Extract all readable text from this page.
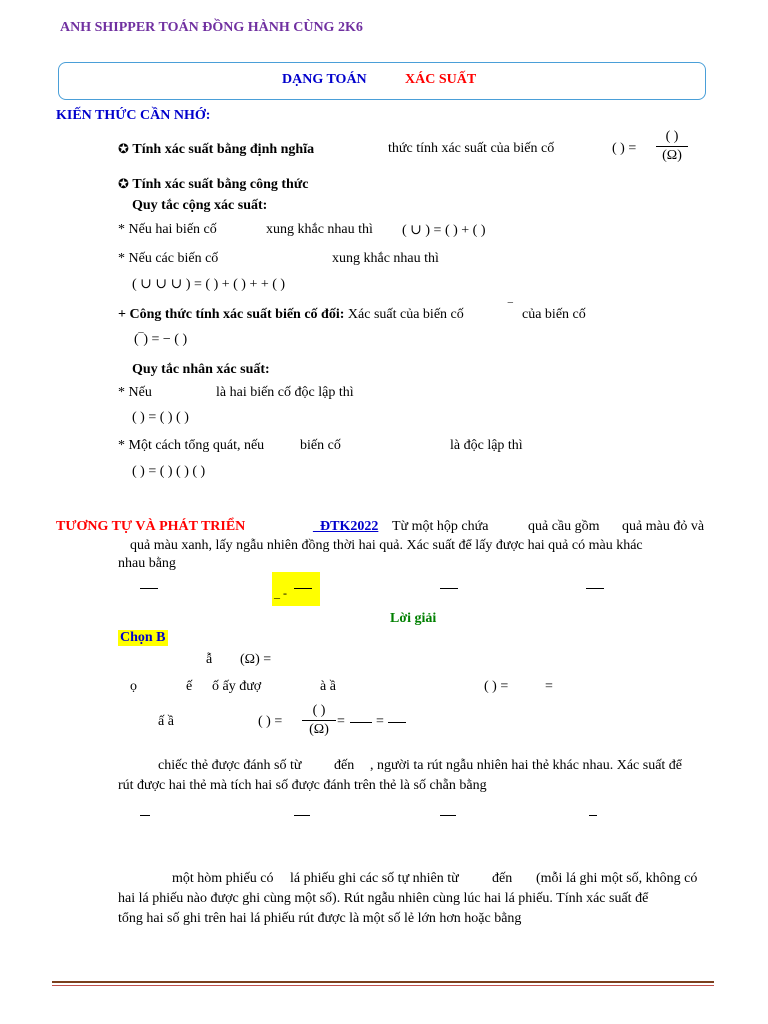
ANH SHIPPER TOÁN ĐỒNG HÀNH CÙNG 2K6
DẠNG TOÁN	XÁC SUẤT
KIẾN THỨC CẦN NHỚ:
✪ Tính xác suất bằng định nghĩa	thức tính xác suất của biến cố	( ) =
( )
(Ω)
✪ Tính xác suất bằng công thức
Quy tắc cộng xác suất:
* Nếu hai biến cố	xung khắc nhau thì ( ∪ ) = ( ) + ( )
* Nếu các biến cố	xung khắc nhau thì
( ∪ ∪ ∪ ) = ( ) + ( ) + + ( )
+ Công thức tính xác suất biến cố đối: Xác suất của biến cố	‾ của biến cố
(‾) = − ( )
Quy tắc nhân xác suất:
* Nếu	là hai biến cố độc lập thì
( ) = ( ) ( )
* Một cách tổng quát, nếu	biến cố	là độc lập thì
( ) = ( ) ( ) ( )
TƯƠNG TỰ VÀ PHÁT TRIỂN	_ĐTK2022 Từ một hộp chứa	quả cầu gồm quả màu đỏ và
quả màu xanh, lấy ngẫu nhiên đồng thời hai quả. Xác suất để lấy được hai quả có màu khác
nhau bằng
_ -
Lời giải
Chọn B
ẫ (Ω) =
ọ	ế ố ấy đượ	à ầ	( ) =	=
ấ ầ	( ) =
( )
(Ω)
= =
chiếc thẻ được đánh số từ đến , người ta rút ngẫu nhiên hai thẻ khác nhau. Xác suất để
rút được hai thẻ mà tích hai số được đánh trên thẻ là số chẵn bằng
một hòm phiếu có lá phiếu ghi các số tự nhiên từ đến (mỗi lá ghi một số, không có
hai lá phiếu nào được ghi cùng một số). Rút ngẫu nhiên cùng lúc hai lá phiếu. Tính xác suất để
tổng hai số ghi trên hai lá phiếu rút được là một số lẻ lớn hơn hoặc bằng
